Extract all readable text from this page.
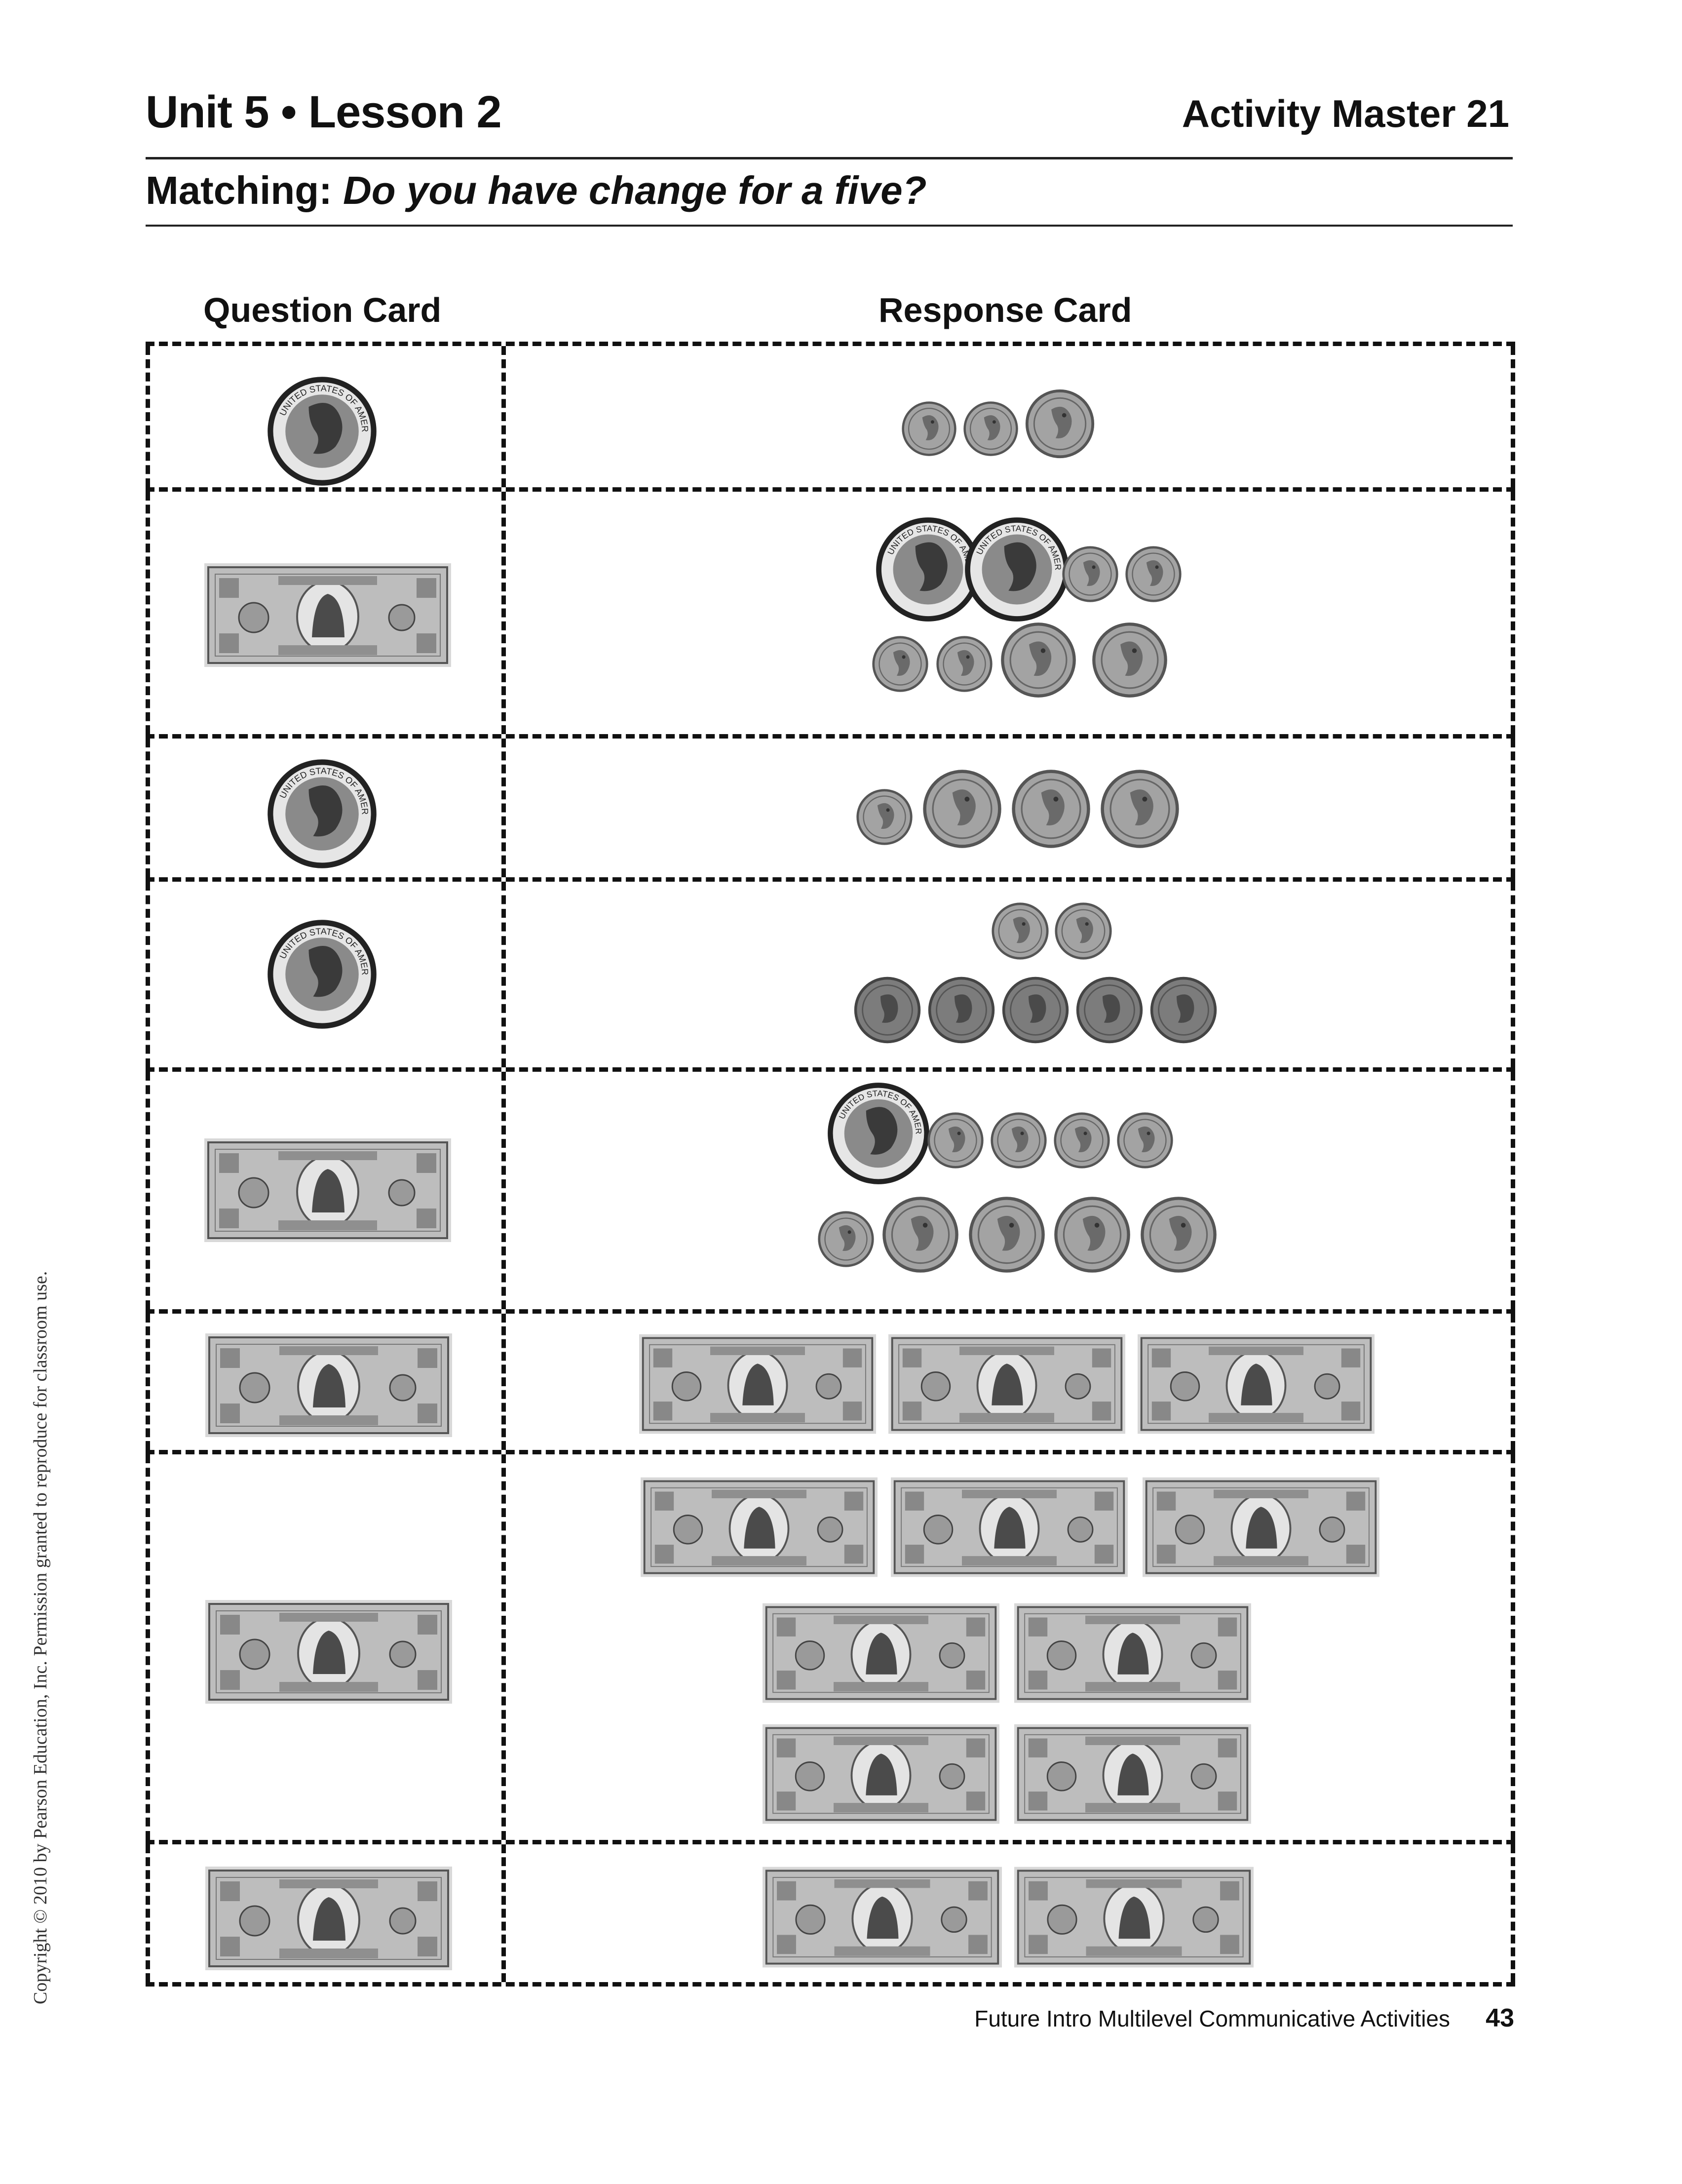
Unit 5 • Lesson 2	Activity Master 21
Matching: Do you have change for a five?
Question Card	Response Card
Future Intro Multilevel Communicative Activities 43
Copyright © 2010 by Pearson Education, Inc. Permission granted to reproduce for classroom use.
